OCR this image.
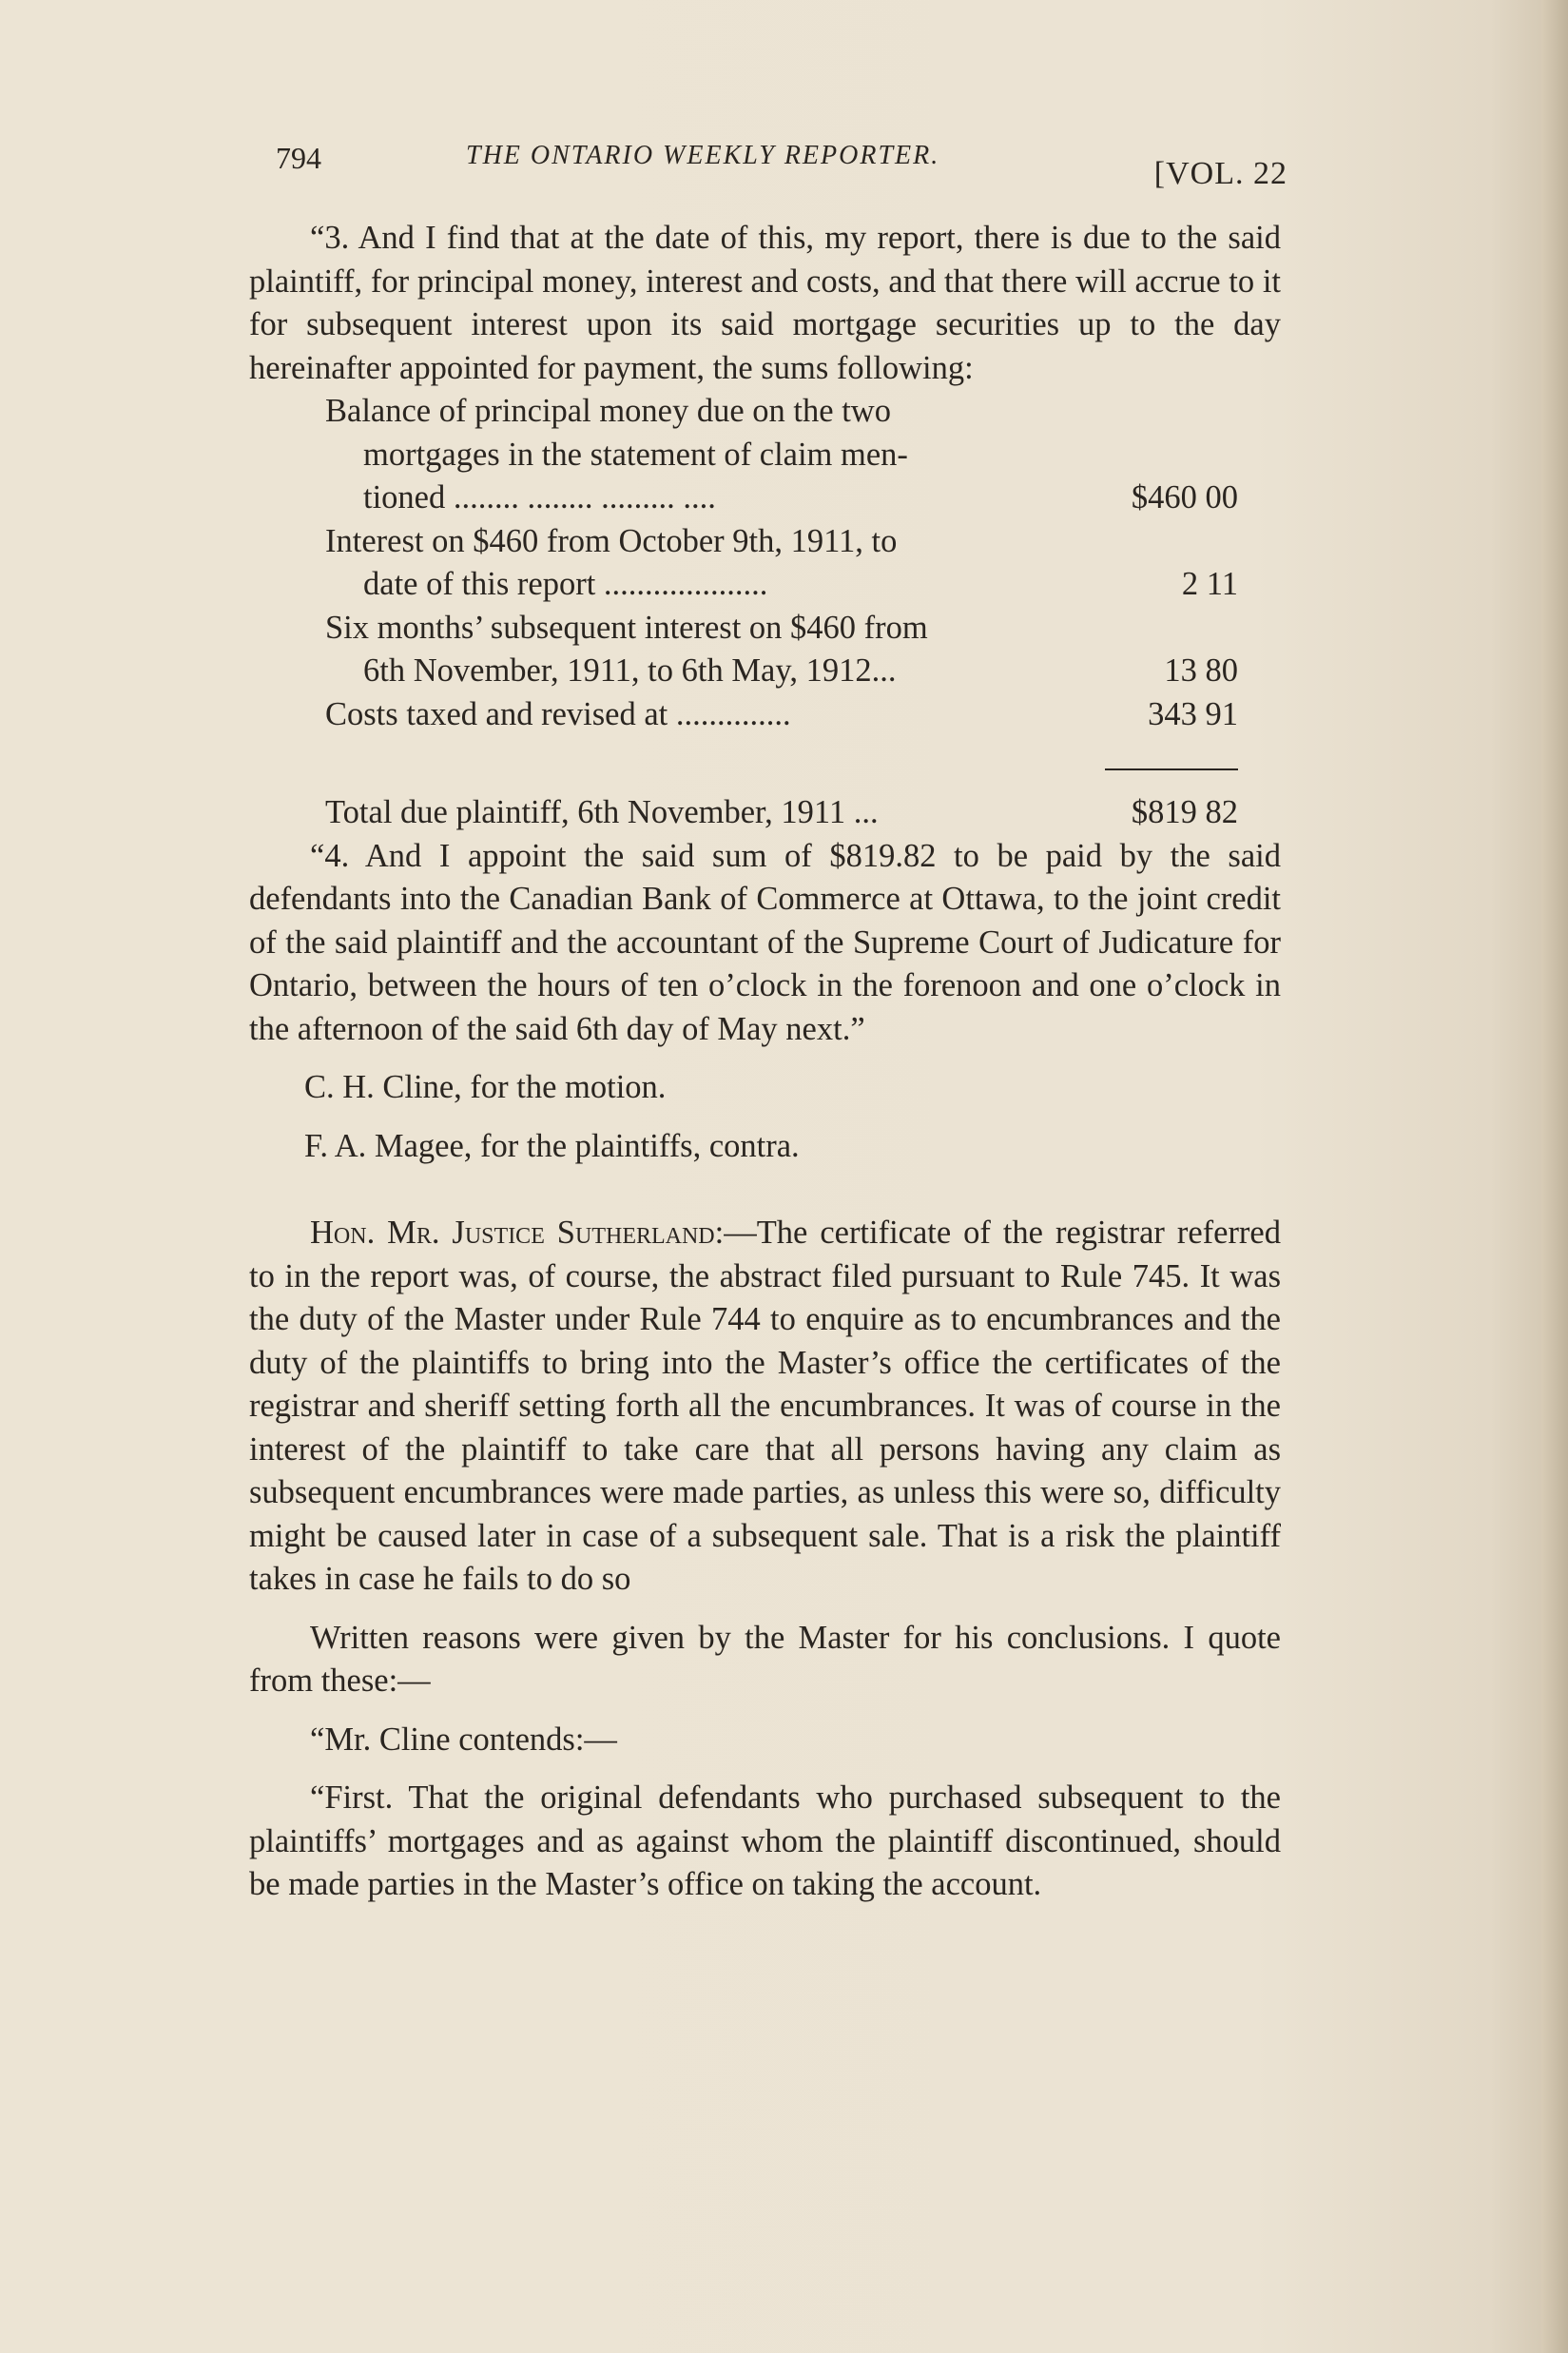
794	THE ONTARIO WEEKLY REPORTER.
[VOL. 22

“3. And I find that at the date of this, my report, there is due to the said plaintiff, for principal money, interest and costs, and that there will accrue to it for subsequent interest upon its said mortgage securities up to the day hereinafter appointed for payment, the sums following:

Balance of principal money due on the two
mortgages in the statement of claim men-
tioned ........ ........ ......... ....	$460 00
Interest on $460 from October 9th, 1911, to
date of this report ....................	2 11
Six months’ subsequent interest on $460 from
6th November, 1911, to 6th May, 1912...	13 80
Costs taxed and revised at ..............	343 91
Total due plaintiff, 6th November, 1911 ...	$819 82

“4. And I appoint the said sum of $819.82 to be paid by the said defendants into the Canadian Bank of Commerce at Ottawa, to the joint credit of the said plaintiff and the accountant of the Supreme Court of Judicature for Ontario, between the hours of ten o’clock in the forenoon and one o’clock in the afternoon of the said 6th day of May next.”

C. H. Cline, for the motion.
F. A. Magee, for the plaintiffs, contra.

Hon. Mr. Justice Sutherland:—The certificate of the registrar referred to in the report was, of course, the abstract filed pursuant to Rule 745. It was the duty of the Master under Rule 744 to enquire as to encumbrances and the duty of the plaintiffs to bring into the Master’s office the certificates of the registrar and sheriff setting forth all the encumbrances. It was of course in the interest of the plaintiff to take care that all persons having any claim as subsequent encumbrances were made parties, as unless this were so, difficulty might be caused later in case of a subsequent sale. That is a risk the plaintiff takes in case he fails to do so

Written reasons were given by the Master for his conclusions. I quote from these:—

“Mr. Cline contends:—

“First. That the original defendants who purchased subsequent to the plaintiffs’ mortgages and as against whom the plaintiff discontinued, should be made parties in the Master’s office on taking the account.
